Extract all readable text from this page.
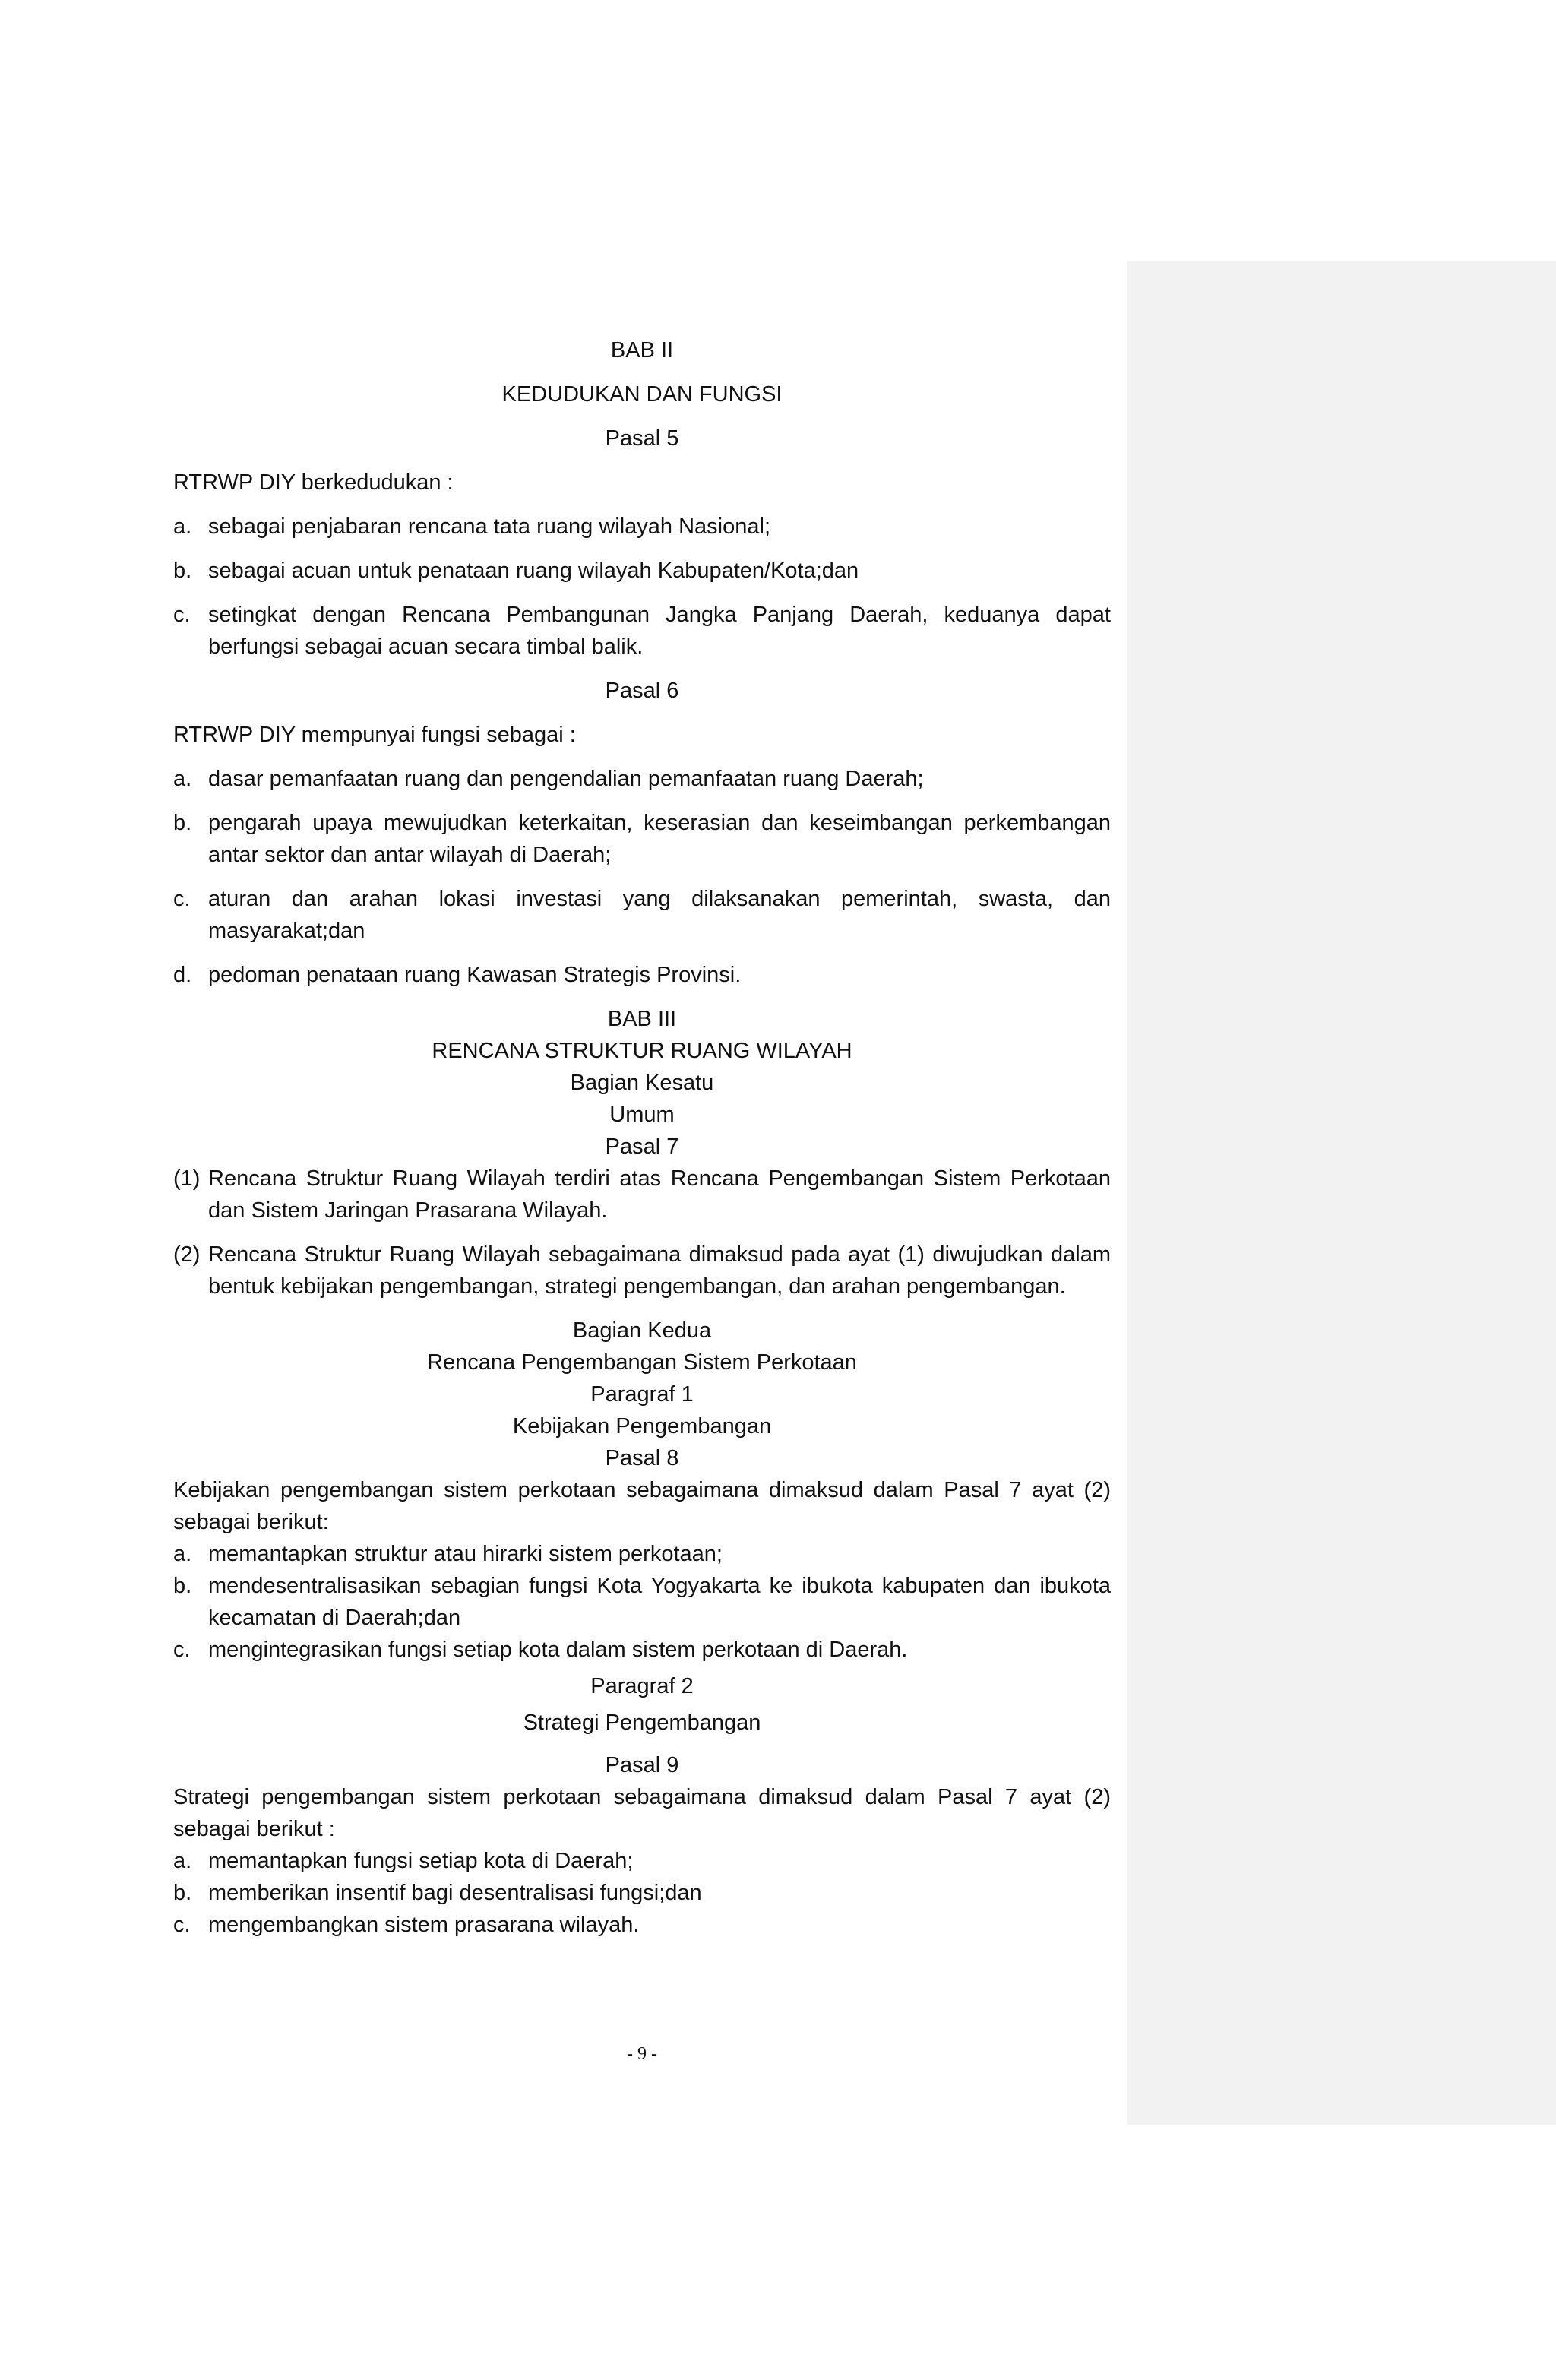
BAB II
KEDUDUKAN DAN FUNGSI
Pasal 5
RTRWP DIY berkedudukan :
a. sebagai penjabaran rencana tata ruang wilayah Nasional;
b. sebagai acuan untuk penataan ruang wilayah Kabupaten/Kota;dan
c. setingkat dengan Rencana Pembangunan Jangka Panjang Daerah, keduanya dapat berfungsi sebagai acuan secara timbal balik.
Pasal 6
RTRWP DIY mempunyai fungsi sebagai :
a. dasar pemanfaatan ruang dan pengendalian pemanfaatan ruang Daerah;
b. pengarah upaya mewujudkan keterkaitan, keserasian dan keseimbangan perkembangan antar sektor dan antar wilayah di Daerah;
c. aturan dan arahan lokasi investasi yang dilaksanakan pemerintah, swasta, dan masyarakat;dan
d. pedoman penataan ruang Kawasan Strategis Provinsi.
BAB III
RENCANA STRUKTUR RUANG WILAYAH
Bagian Kesatu
Umum
Pasal 7
(1) Rencana Struktur Ruang Wilayah terdiri atas Rencana Pengembangan Sistem Perkotaan dan Sistem Jaringan Prasarana Wilayah.
(2) Rencana Struktur Ruang Wilayah sebagaimana dimaksud pada ayat (1) diwujudkan dalam bentuk kebijakan pengembangan, strategi pengembangan, dan arahan pengembangan.
Bagian Kedua
Rencana Pengembangan Sistem Perkotaan
Paragraf 1
Kebijakan Pengembangan
Pasal 8
Kebijakan pengembangan sistem perkotaan sebagaimana dimaksud dalam Pasal 7 ayat (2) sebagai berikut:
a. memantapkan struktur atau hirarki sistem perkotaan;
b. mendesentralisasikan sebagian fungsi Kota Yogyakarta ke ibukota kabupaten dan ibukota kecamatan di Daerah;dan
c. mengintegrasikan fungsi setiap kota dalam sistem perkotaan di Daerah.
Paragraf 2
Strategi Pengembangan
Pasal 9
Strategi pengembangan sistem perkotaan sebagaimana dimaksud dalam Pasal 7 ayat (2) sebagai berikut :
a. memantapkan fungsi setiap kota di Daerah;
b. memberikan insentif bagi desentralisasi fungsi;dan
c. mengembangkan sistem prasarana wilayah.
- 9 -
